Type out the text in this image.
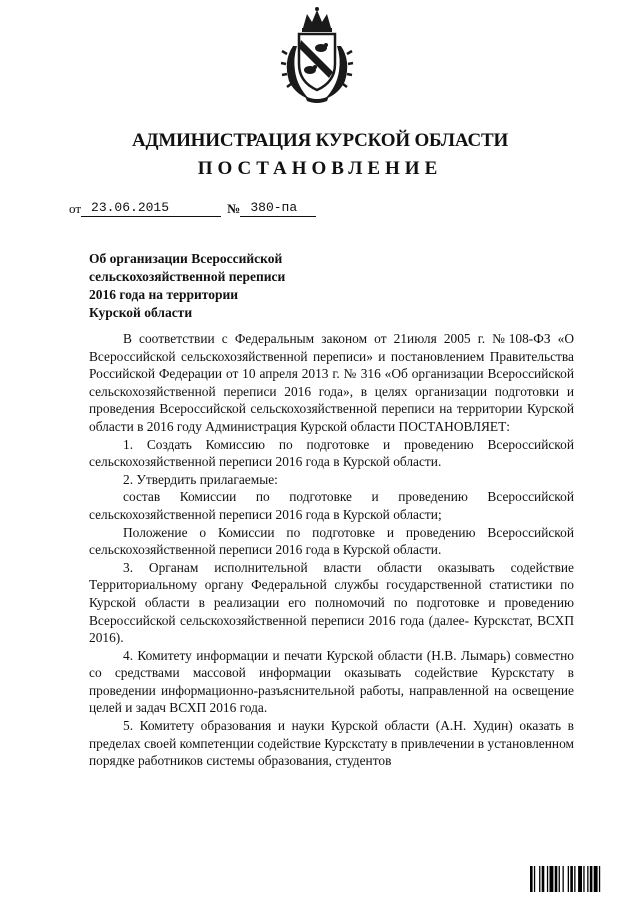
АДМИНИСТРАЦИЯ КУРСКОЙ ОБЛАСТИ
ПОСТАНОВЛЕНИЕ
от 23.06.2015	№ 380-па
Об организации Всероссийской
сельскохозяйственной переписи
2016 года на территории
Курской области

В соответствии с Федеральным законом от 21июля 2005 г. №108-ФЗ «О Всероссийской сельскохозяйственной переписи» и постановлением Правительства Российской Федерации от 10 апреля 2013 г. № 316 «Об организации Всероссийской сельскохозяйственной переписи 2016 года», в целях организации подготовки и проведения Всероссийской сельскохозяйственной переписи на территории Курской области в 2016 году Администрация Курской области ПОСТАНОВЛЯЕТ:

1. Создать Комиссию по подготовке и проведению Всероссийской сельскохозяйственной переписи 2016 года в Курской области.

2. Утвердить прилагаемые:

состав Комиссии по подготовке и проведению Всероссийской сельскохозяйственной переписи 2016 года в Курской области;

Положение о Комиссии по подготовке и проведению Всероссийской сельскохозяйственной переписи 2016 года в Курской области.

3. Органам исполнительной власти области оказывать содействие Территориальному органу Федеральной службы государственной статистики по Курской области в реализации его полномочий по подготовке и проведению Всероссийской сельскохозяйственной переписи 2016 года (далее- Курскстат, ВСХП 2016).

4. Комитету информации и печати Курской области (Н.В. Лымарь) совместно со средствами массовой информации оказывать содействие Курскстату в проведении информационно-разъяснительной работы, направленной на освещение целей и задач ВСХП 2016 года.

5. Комитету образования и науки Курской области (А.Н. Худин) оказать в пределах своей компетенции содействие Курскстату в привлечении в установленном порядке работников системы образования, студентов
